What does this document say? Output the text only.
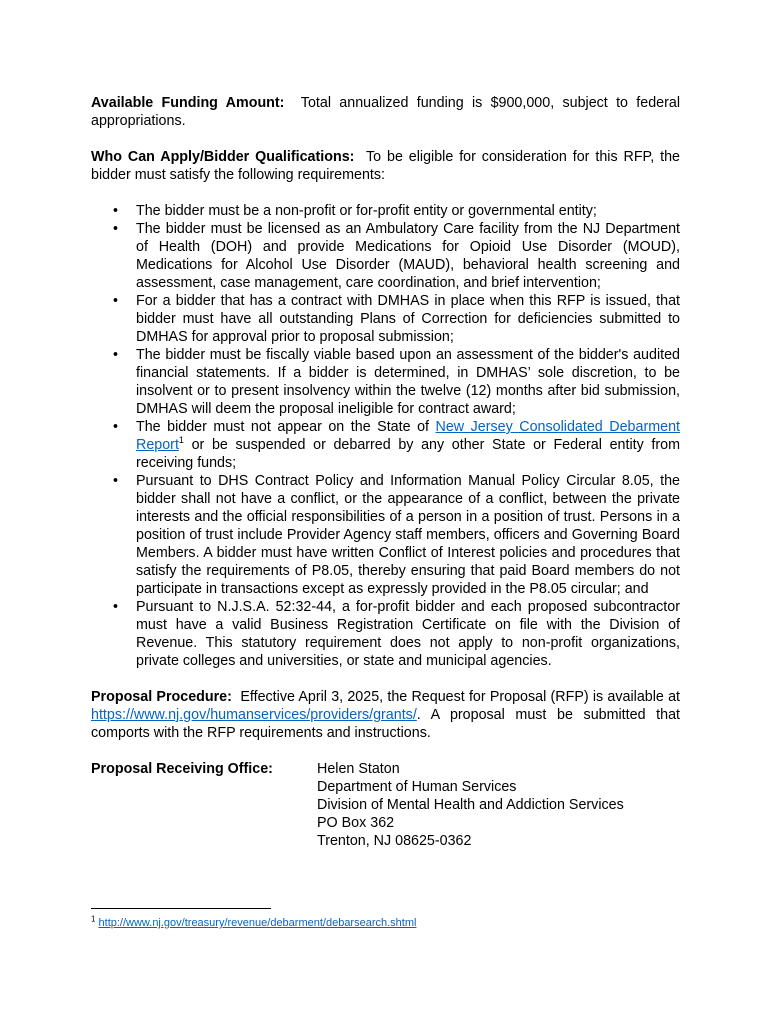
Available Funding Amount: Total annualized funding is $900,000, subject to federal appropriations.

Who Can Apply/Bidder Qualifications: To be eligible for consideration for this RFP, the bidder must satisfy the following requirements:

• The bidder must be a non-profit or for-profit entity or governmental entity;
• The bidder must be licensed as an Ambulatory Care facility from the NJ Department of Health (DOH) and provide Medications for Opioid Use Disorder (MOUD), Medications for Alcohol Use Disorder (MAUD), behavioral health screening and assessment, case management, care coordination, and brief intervention;
• For a bidder that has a contract with DMHAS in place when this RFP is issued, that bidder must have all outstanding Plans of Correction for deficiencies submitted to DMHAS for approval prior to proposal submission;
• The bidder must be fiscally viable based upon an assessment of the bidder's audited financial statements. If a bidder is determined, in DMHAS’ sole discretion, to be insolvent or to present insolvency within the twelve (12) months after bid submission, DMHAS will deem the proposal ineligible for contract award;
• The bidder must not appear on the State of New Jersey Consolidated Debarment Report$^1$ or be suspended or debarred by any other State or Federal entity from receiving funds;
• Pursuant to DHS Contract Policy and Information Manual Policy Circular 8.05, the bidder shall not have a conflict, or the appearance of a conflict, between the private interests and the official responsibilities of a person in a position of trust. Persons in a position of trust include Provider Agency staff members, officers and Governing Board Members. A bidder must have written Conflict of Interest policies and procedures that satisfy the requirements of P8.05, thereby ensuring that paid Board members do not participate in transactions except as expressly provided in the P8.05 circular; and
• Pursuant to N.J.S.A. 52:32-44, a for-profit bidder and each proposed subcontractor must have a valid Business Registration Certificate on file with the Division of Revenue. This statutory requirement does not apply to non-profit organizations, private colleges and universities, or state and municipal agencies.

Proposal Procedure: Effective April 3, 2025, the Request for Proposal (RFP) is available at https://www.nj.gov/humanservices/providers/grants/. A proposal must be submitted that comports with the RFP requirements and instructions.

Proposal Receiving Office:	Helen Staton
Department of Human Services
Division of Mental Health and Addiction Services
PO Box 362
Trenton, NJ 08625-0362
$^1$ http://www.nj.gov/treasury/revenue/debarment/debarsearch.shtml
